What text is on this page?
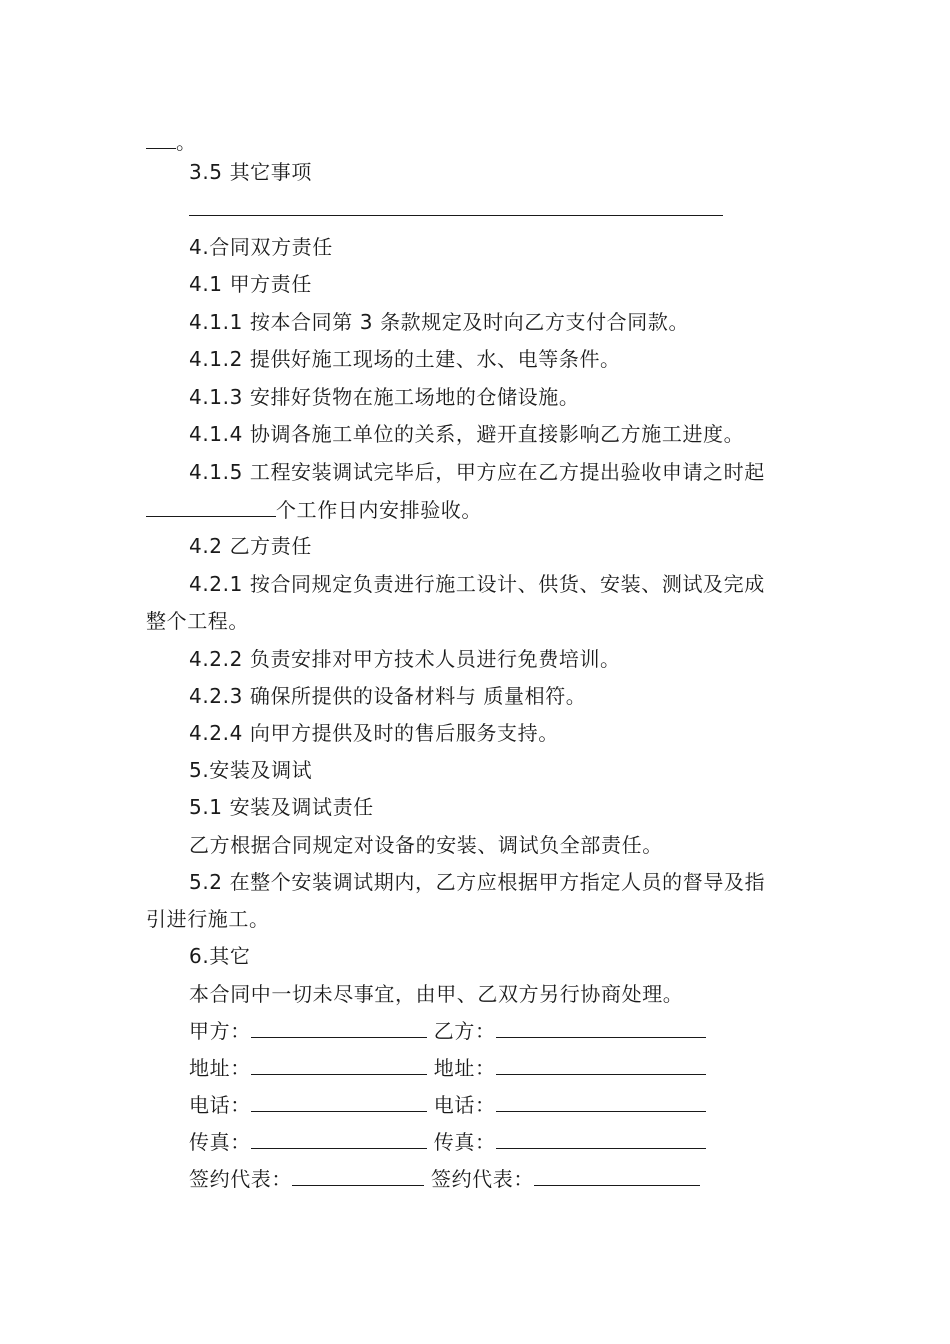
。
3.5 其它事项
4.合同双方责任
4.1 甲方责任
4.1.1 按本合同第 3 条款规定及时向乙方支付合同款。
4.1.2 提供好施工现场的土建、水、电等条件。
4.1.3 安排好货物在施工场地的仓储设施。
4.1.4 协调各施工单位的关系，避开直接影响乙方施工进度。
4.1.5 工程安装调试完毕后，甲方应在乙方提出验收申请之时起
个工作日内安排验收。
4.2 乙方责任
4.2.1 按合同规定负责进行施工设计、供货、安装、测试及完成
整个工程。
4.2.2 负责安排对甲方技术人员进行免费培训。
4.2.3 确保所提供的设备材料与 质量相符。
4.2.4 向甲方提供及时的售后服务支持。
5.安装及调试
5.1 安装及调试责任
乙方根据合同规定对设备的安装、调试负全部责任。
5.2 在整个安装调试期内，乙方应根据甲方指定人员的督导及指
引进行施工。
6.其它
本合同中一切未尽事宜，由甲、乙双方另行协商处理。
甲方：	乙方：
地址：	地址：
电话：	电话：
传真：	传真：
签约代表：	签约代表：
